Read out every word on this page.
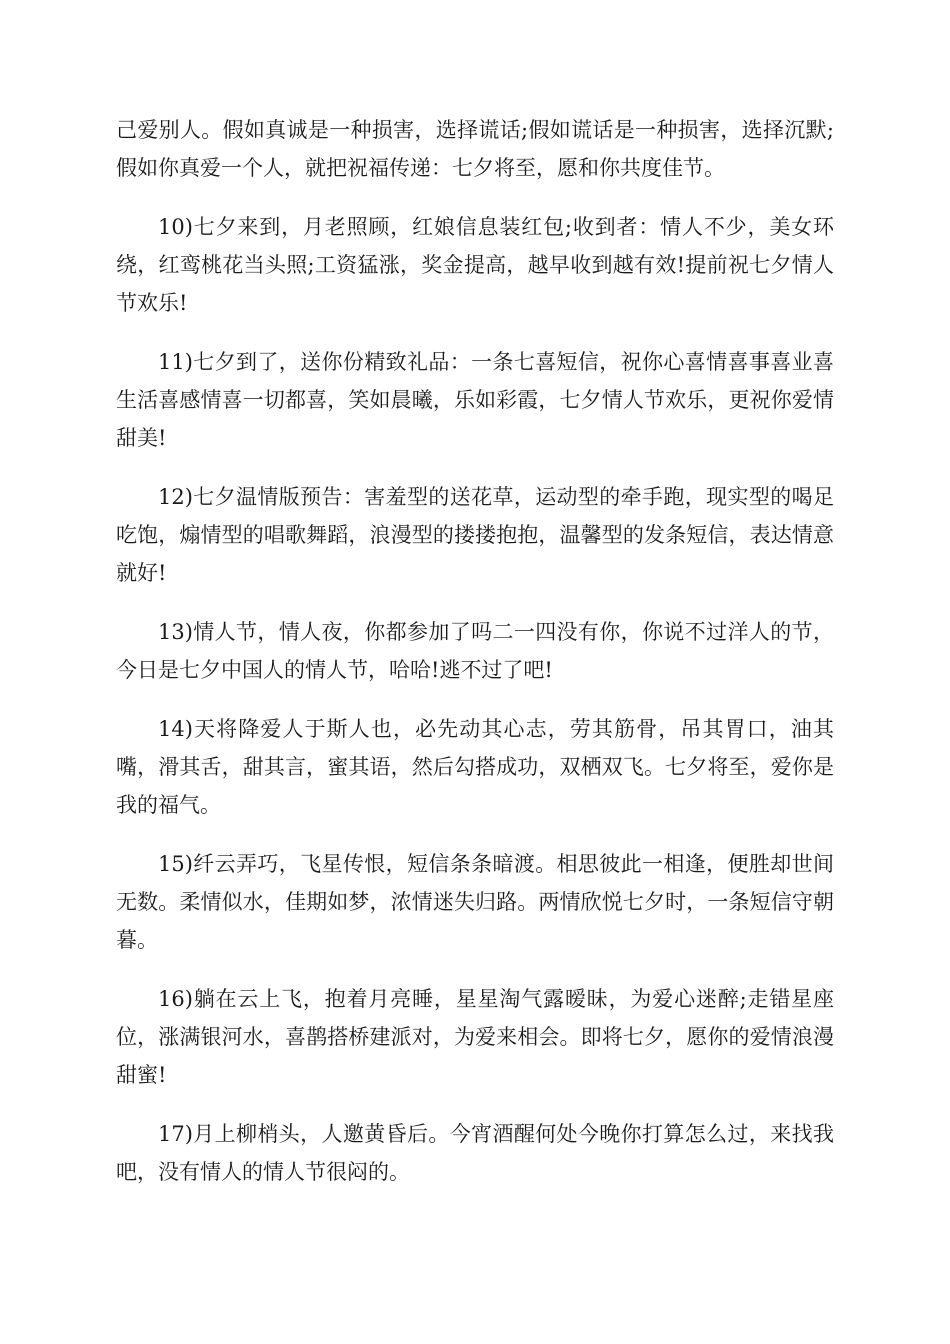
己爱别人。假如真诚是一种损害，选择谎话;假如谎话是一种损害，选择沉默;假如你真爱一个人，就把祝福传递：七夕将至，愿和你共度佳节。

10)七夕来到，月老照顾，红娘信息装红包;收到者：情人不少，美女环绕，红鸾桃花当头照;工资猛涨，奖金提高，越早收到越有效!提前祝七夕情人节欢乐!

11)七夕到了，送你份精致礼品：一条七喜短信，祝你心喜情喜事喜业喜生活喜感情喜一切都喜，笑如晨曦，乐如彩霞，七夕情人节欢乐，更祝你爱情甜美!

12)七夕温情版预告：害羞型的送花草，运动型的牵手跑，现实型的喝足吃饱，煽情型的唱歌舞蹈，浪漫型的搂搂抱抱，温馨型的发条短信，表达情意就好!

13)情人节，情人夜，你都参加了吗二一四没有你，你说不过洋人的节，今日是七夕中国人的情人节，哈哈!逃不过了吧!

14)天将降爱人于斯人也，必先动其心志，劳其筋骨，吊其胃口，油其嘴，滑其舌，甜其言，蜜其语，然后勾搭成功，双栖双飞。七夕将至，爱你是我的福气。

15)纤云弄巧，飞星传恨，短信条条暗渡。相思彼此一相逢，便胜却世间无数。柔情似水，佳期如梦，浓情迷失归路。两情欣悦七夕时，一条短信守朝暮。

16)躺在云上飞，抱着月亮睡，星星淘气露暧昧，为爱心迷醉;走错星座位，涨满银河水，喜鹊搭桥建派对，为爱来相会。即将七夕，愿你的爱情浪漫甜蜜!

17)月上柳梢头，人邀黄昏后。今宵酒醒何处今晚你打算怎么过，来找我吧，没有情人的情人节很闷的。
